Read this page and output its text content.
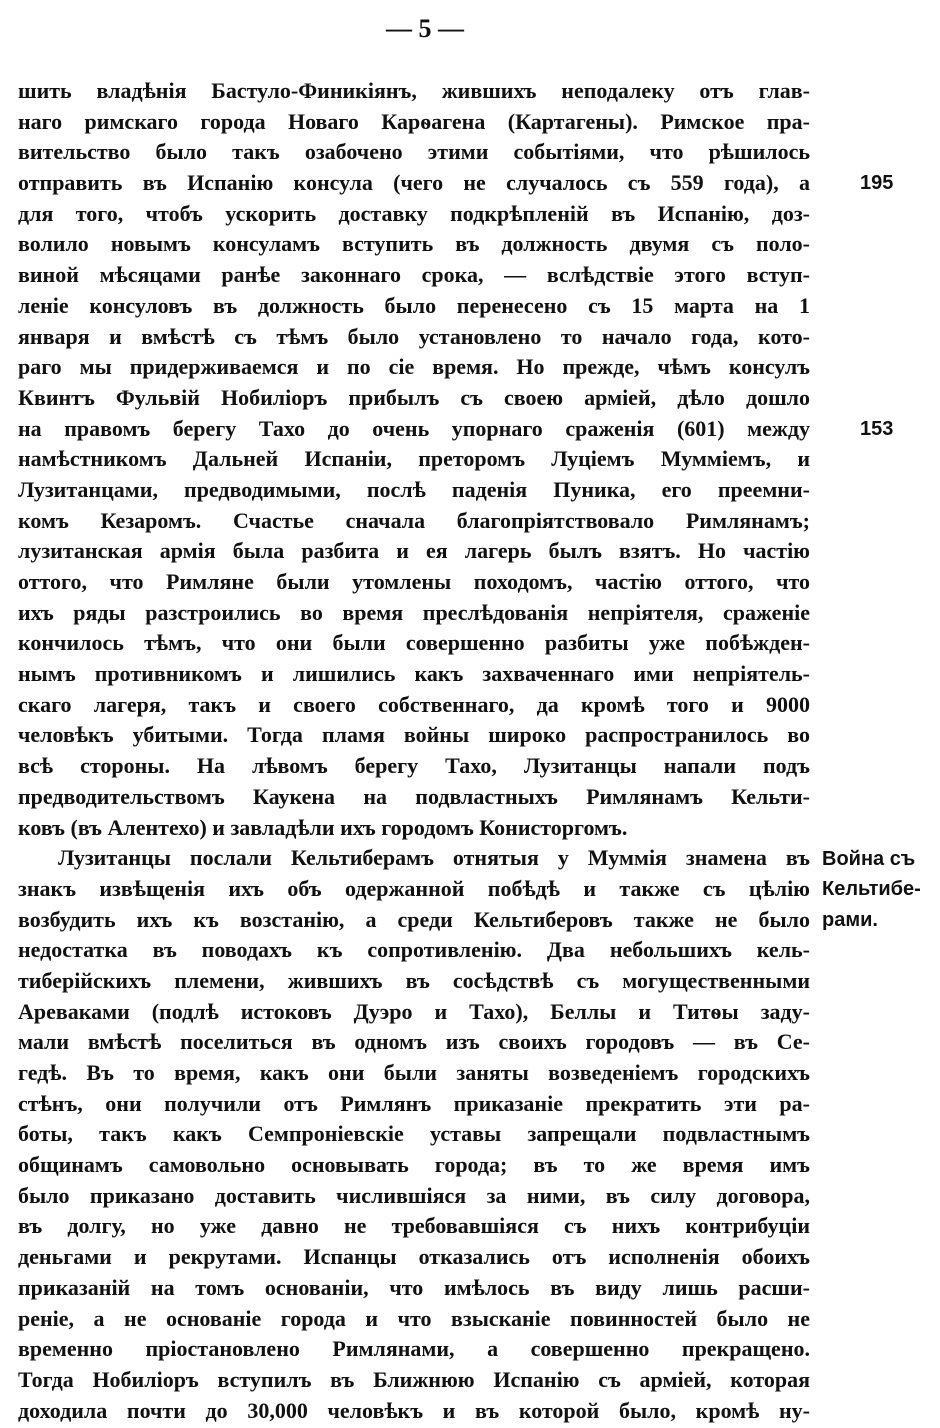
— 5 —
шить владѣнія Бастуло-Финикіянъ, жившихъ неподалеку отъ глав-
наго римскаго города Новаго Карѳагена (Картагены). Римское пра-
вительство было такъ озабочено этими событіями, что рѣшилось
отправить въ Испанію консула (чего не случалось съ 559 года), а
для того, чтобъ ускорить доставку подкрѣпленій въ Испанію, доз-
волило новымъ консуламъ вступить въ должность двумя съ поло-
виной мѣсяцами ранѣе законнаго срока, — вслѣдствіе этого вступ-
леніе консуловъ въ должность было перенесено съ 15 марта на 1
января и вмѣстѣ съ тѣмъ было установлено то начало года, кото-
раго мы придерживаемся и по сіе время. Но прежде, чѣмъ консулъ
Квинтъ Фульвій Нобиліоръ прибылъ съ своею арміей, дѣло дошло
на правомъ берегу Тахо до очень упорнаго сраженія (601) между
намѣстникомъ Дальней Испаніи, преторомъ Луціемъ Муммiемъ, и
Лузитанцами, предводимыми, послѣ паденія Пуника, его преемни-
комъ Кезаромъ. Счастье сначала благопріятствовало Римлянамъ;
лузитанская армія была разбита и ея лагерь былъ взятъ. Но частію
оттого, что Римляне были утомлены походомъ, частію оттого, что
ихъ ряды разстроились во время преслѣдованія непріятеля, сраженіе
кончилось тѣмъ, что они были совершенно разбиты уже побѣжден-
нымъ противникомъ и лишились какъ захваченнаго ими непріятель-
скаго лагеря, такъ и своего собственнаго, да кромѣ того и 9000
человѣкъ убитыми. Тогда пламя войны широко распространилось во
всѣ стороны. На лѣвомъ берегу Тахо, Лузитанцы напали подъ
предводительствомъ Каукена на подвластныхъ Римлянамъ Кельти-
ковъ (въ Алентехо) и завладѣли ихъ городомъ Конисторгомъ.
Лузитанцы послали Кельтиберамъ отнятыя у Муммія знамена въ
знакъ извѣщенія ихъ объ одержанной побѣдѣ и также съ цѣлію
возбудить ихъ къ возстанію, а среди Кельтиберовъ также не было
недостатка въ поводахъ къ сопротивленію. Два небольшихъ кель-
тиберійскихъ племени, жившихъ въ сосѣдствѣ съ могущественными
Ареваками (подлѣ истоковъ Дуэро и Тахо), Беллы и Титѳы заду-
мали вмѣстѣ поселиться въ одномъ изъ своихъ городовъ — въ Се-
гедѣ. Въ то время, какъ они были заняты возведеніемъ городскихъ
стѣнъ, они получили отъ Римлянъ приказаніе прекратить эти ра-
боты, такъ какъ Семпроніевскіе уставы запрещали подвластнымъ
общинамъ самовольно основывать города; въ то же время имъ
было приказано доставить числившіяся за ними, въ силу договора,
въ долгу, но уже давно не требовавшіяся съ нихъ контрибуціи
деньгами и рекрутами. Испанцы отказались отъ исполненія обоихъ
приказаній на томъ основаніи, что имѣлось въ виду лишь расши-
реніе, а не основаніе города и что взысканіе повинностей было не
временно пріостановлено Римлянами, а совершенно прекращено.
Тогда Нобиліоръ вступилъ въ Ближнюю Испанію съ арміей, которая
доходила почти до 30,000 человѣкъ и въ которой было, кромѣ ну-
195
153
Война съ
Кельтибе-
рами.
